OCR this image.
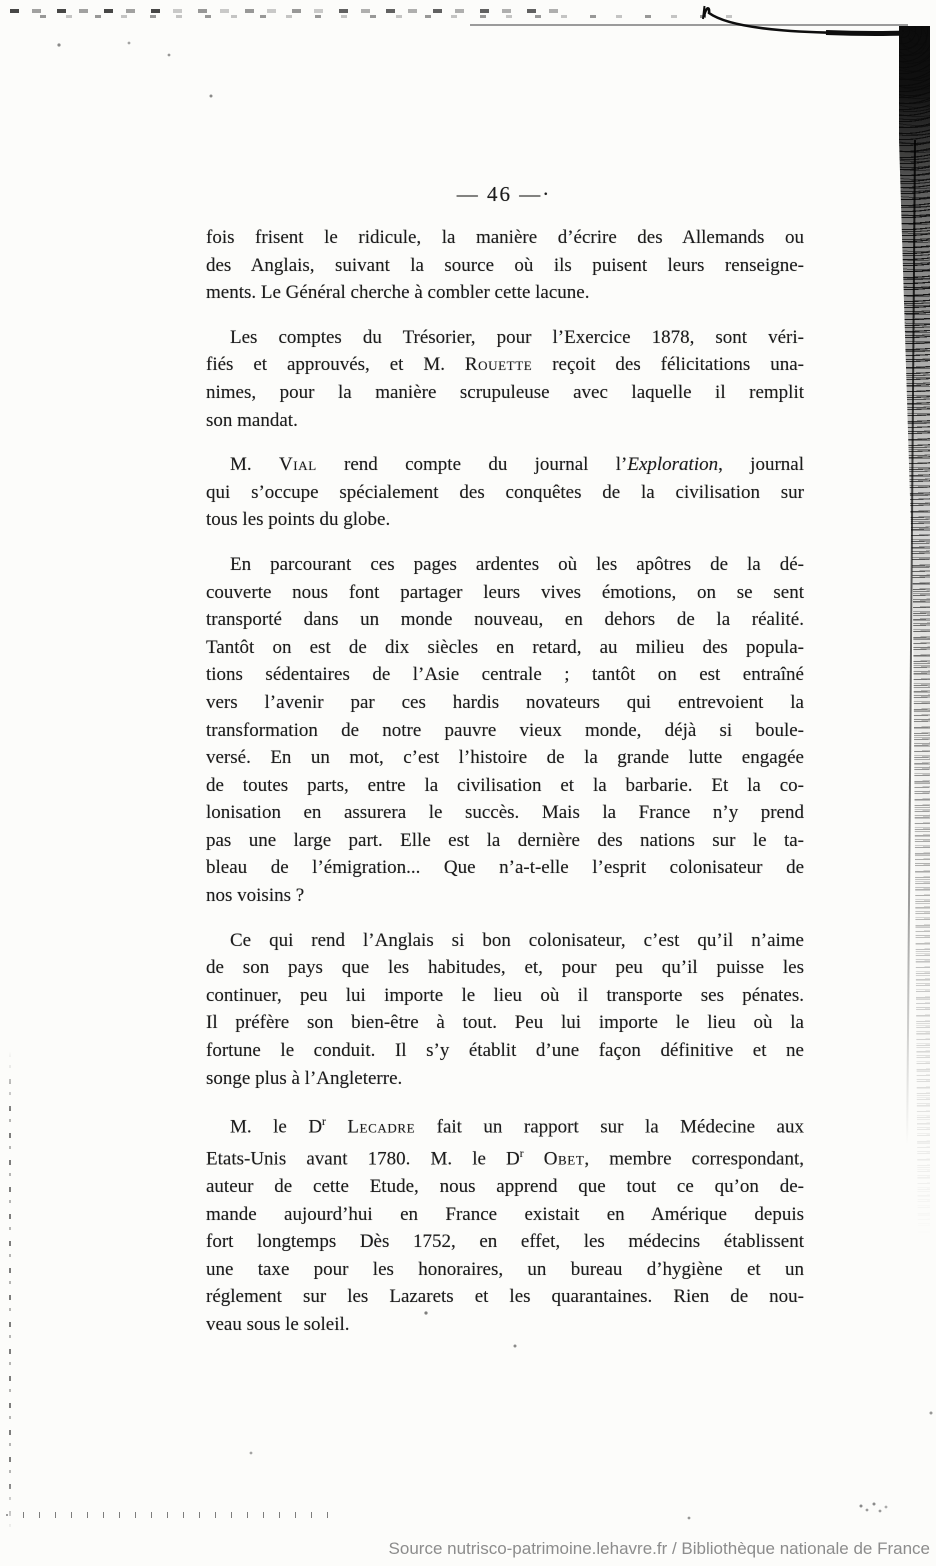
— 46 —·

fois frisent le ridicule, la manière d’écrire des Allemands ou
des Anglais, suivant la source où ils puisent leurs renseigne-
ments. Le Général cherche à combler cette lacune.

Les comptes du Trésorier, pour l’Exercice 1878, sont véri-
fiés et approuvés, et M. Rouette reçoit des félicitations una-
nimes, pour la manière scrupuleuse avec laquelle il remplit
son mandat.

M. Vial rend compte du journal l’Exploration, journal
qui s’occupe spécialement des conquêtes de la civilisation sur
tous les points du globe.

En parcourant ces pages ardentes où les apôtres de la dé-
couverte nous font partager leurs vives émotions, on se sent
transporté dans un monde nouveau, en dehors de la réalité.
Tantôt on est de dix siècles en retard, au milieu des popula-
tions sédentaires de l’Asie centrale ; tantôt on est entraîné
vers l’avenir par ces hardis novateurs qui entrevoient la
transformation de notre pauvre vieux monde, déjà si boule-
versé. En un mot, c’est l’histoire de la grande lutte engagée
de toutes parts, entre la civilisation et la barbarie. Et la co-
lonisation en assurera le succès. Mais la France n’y prend
pas une large part. Elle est la dernière des nations sur le ta-
bleau de l’émigration... Que n’a-t-elle l’esprit colonisateur de
nos voisins ?

Ce qui rend l’Anglais si bon colonisateur, c’est qu’il n’aime
de son pays que les habitudes, et, pour peu qu’il puisse les
continuer, peu lui importe le lieu où il transporte ses pénates.
Il préfère son bien-être à tout. Peu lui importe le lieu où la
fortune le conduit. Il s’y établit d’une façon définitive et ne
songe plus à l’Angleterre.

M. le $D^r$ Lecadre fait un rapport sur la Médecine aux
Etats-Unis avant 1780. M. le $D^r$ Obet, membre correspondant,
auteur de cette Etude, nous apprend que tout ce qu’on de-
mande aujourd’hui en France existait en Amérique depuis
fort longtemps Dès 1752, en effet, les médecins établissent
une taxe pour les honoraires, un bureau d’hygiène et un
réglement sur les Lazarets et les quarantaines. Rien de nou-
veau sous le soleil.

Source nutrisco-patrimoine.lehavre.fr / Bibliothèque nationale de France
